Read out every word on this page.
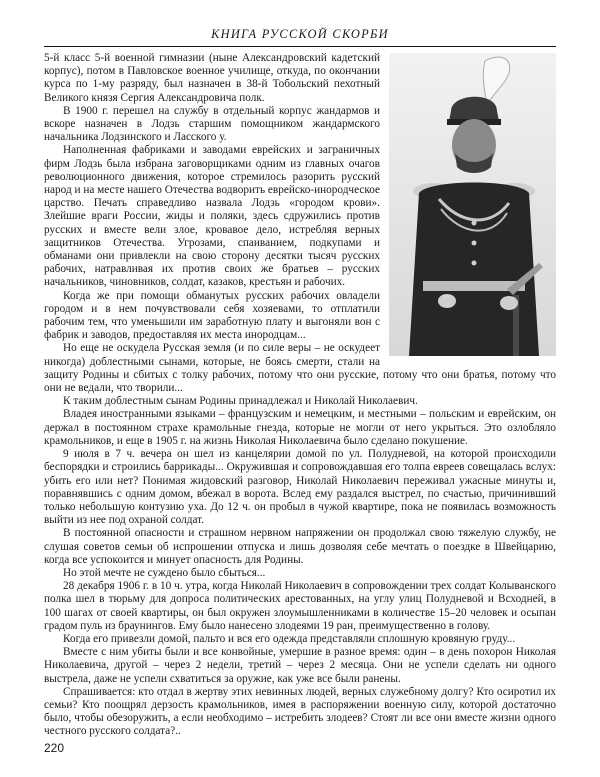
КНИГА РУССКОЙ СКОРБИ

5-й класс 5-й военной гимназии (ныне Александровский кадетский корпус), потом в Павловское военное училище, откуда, по окончании курса по 1-му разряду, был назначен в 38-й Тобольский пехотный Великого князя Сергия Александровича полк.

В 1900 г. перешел на службу в отдельный корпус жандармов и вскоре назначен в Лодзь старшим помощником жандармского начальника Лодзинского и Ласского у.

Наполненная фабриками и заводами еврейских и заграничных фирм Лодзь была избрана заговорщиками одним из главных очагов революционного движения, которое стремилось разорить русский народ и на месте нашего Отечества водворить еврейско-инородческое царство. Печать справедливо назвала Лодзь «городом крови». Злейшие враги России, жиды и поляки, здесь сдружились против русских и вместе вели злое, кровавое дело, истребляя верных защитников Отечества. Угрозами, спаиванием, подкупами и обманами они привлекли на свою сторону десятки тысяч русских рабочих, натравливая их против своих же братьев – русских начальников, чиновников, солдат, казаков, крестьян и рабочих.

Когда же при помощи обманутых русских рабочих овладели городом и в нем почувствовали себя хозяевами, то отплатили рабочим тем, что уменьшили им заработную плату и выгоняли вон с фабрик и заводов, предоставляя их места инородцам...

Но еще не оскудела Русская земля (и по силе веры – не оскудеет никогда) доблестными сынами, которые, не боясь смерти, стали на защиту Родины и сбитых с толку рабочих, потому что они русские, потому что они братья, потому что они не ведали, что творили...

К таким доблестным сынам Родины принадлежал и Николай Николаевич.

Владея иностранными языками – французским и немецким, и местными – польским и еврейским, он держал в постоянном страхе крамольные гнезда, которые не могли от него укрыться. Это озлобляло крамольников, и еще в 1905 г. на жизнь Николая Николаевича было сделано покушение.

9 июля в 7 ч. вечера он шел из канцелярии домой по ул. Полудневой, на которой происходили беспорядки и строились баррикады... Окружившая и сопровождавшая его толпа евреев совещалась вслух: убить его или нет? Понимая жидовский разговор, Николай Николаевич переживал ужасные минуты и, поравнявшись с одним домом, вбежал в ворота. Вслед ему раздался выстрел, по счастью, причинивший только небольшую контузию уха. До 12 ч. он пробыл в чужой квартире, пока не появилась возможность выйти из нее под охраной солдат.

В постоянной опасности и страшном нервном напряжении он продолжал свою тяжелую службу, не слушая советов семьи об испрошении отпуска и лишь дозволяя себе мечтать о поездке в Швейцарию, когда все успокоится и минует опасность для Родины.

Но этой мечте не суждено было сбыться...

28 декабря 1906 г. в 10 ч. утра, когда Николай Николаевич в сопровождении трех солдат Колыванского полка шел в тюрьму для допроса политических арестованных, на углу улиц Полудневой и Всходней, в 100 шагах от своей квартиры, он был окружен злоумышленниками в количестве 15–20 человек и осыпан градом пуль из браунингов. Ему было нанесено злодеями 19 ран, преимущественно в голову.

Когда его привезли домой, пальто и вся его одежда представляли сплошную кровяную груду...

Вместе с ним убиты были и все конвойные, умершие в разное время: один – в день похорон Николая Николаевича, другой – через 2 недели, третий – через 2 месяца. Они не успели сделать ни одного выстрела, даже не успели схватиться за оружие, как уже все были ранены.

Спрашивается: кто отдал в жертву этих невинных людей, верных служебному долгу? Кто осиротил их семьи? Кто поощрял дерзость крамольников, имея в распоряжении военную силу, которой достаточно было, чтобы обезоружить, а если необходимо – истребить злодеев? Стоят ли все они вместе жизни одного честного русского солдата?..

220
